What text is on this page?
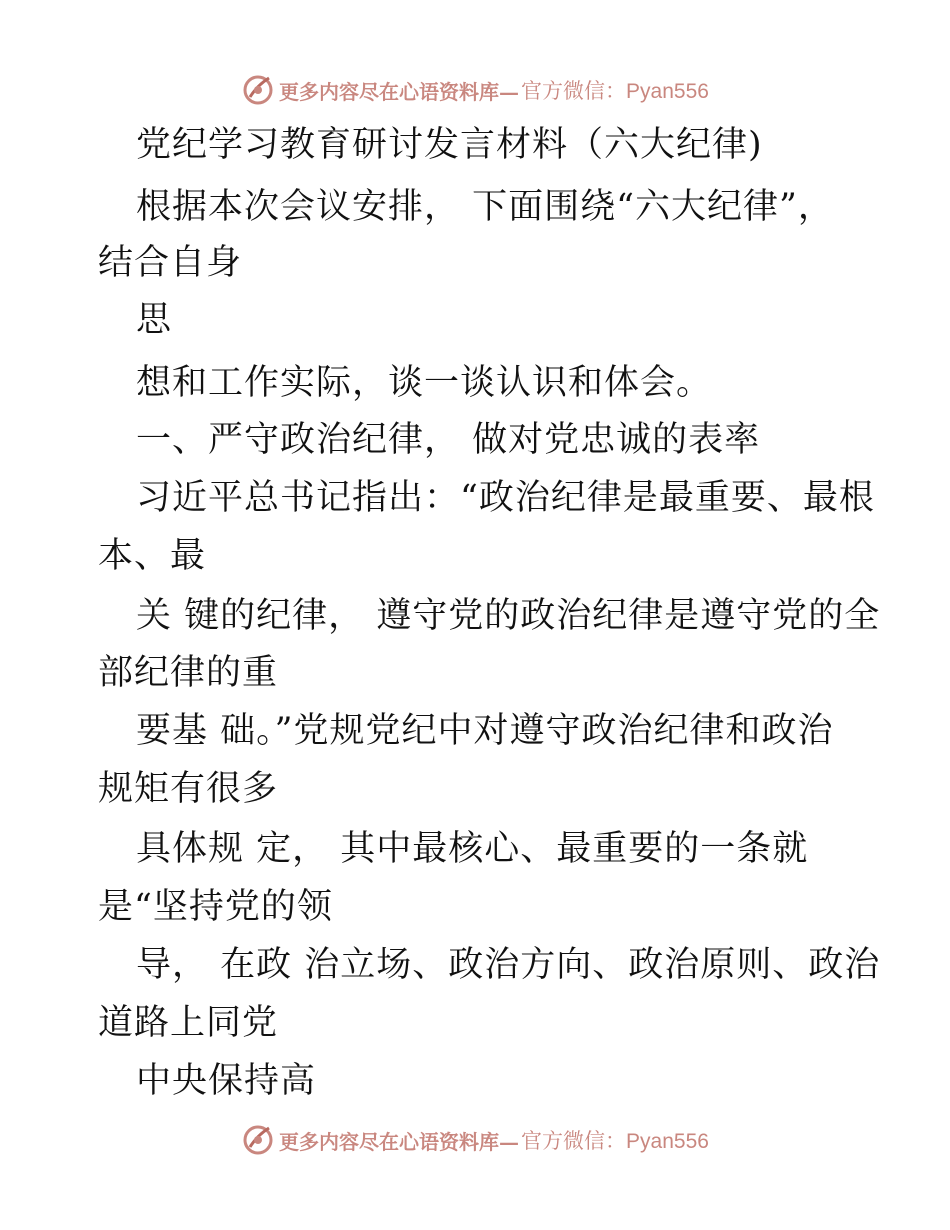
更多内容尽在心语资料库— 官方微信：Pyan556
党纪学习教育研讨发言材料（六大纪律)
根据本次会议安排， 下面围绕“六大纪律”，
结合自身
思
想和工作实际，谈一谈认识和体会。
一、严守政治纪律， 做对党忠诚的表率
习近平总书记指出：“政治纪律是最重要、最根
本、最
关 键的纪律， 遵守党的政治纪律是遵守党的全
部纪律的重
要基 础。”党规党纪中对遵守政治纪律和政治
规矩有很多
具体规 定， 其中最核心、最重要的一条就
是“坚持党的领
导， 在政 治立场、政治方向、政治原则、政治
道路上同党
中央保持高
更多内容尽在心语资料库— 官方微信：Pyan556
